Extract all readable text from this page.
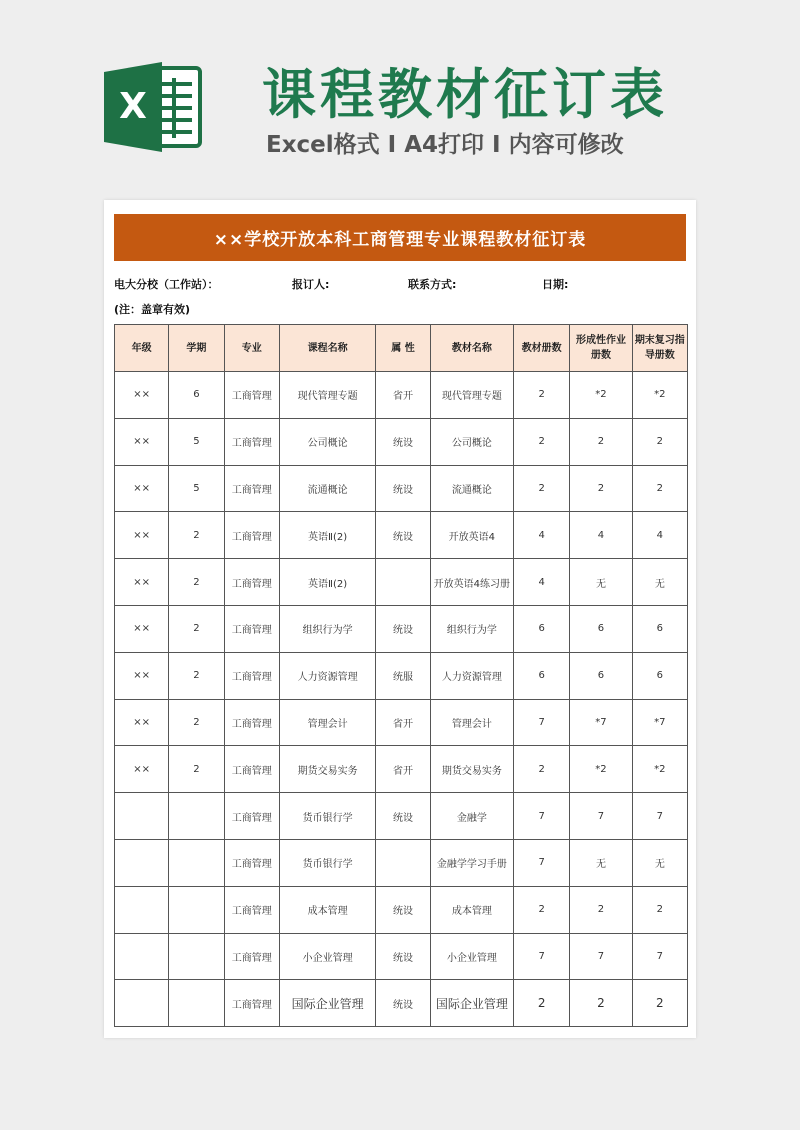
X 课程教材征订表
Excel格式 I A4打印 I 内容可修改
××学校开放本科工商管理专业课程教材征订表
电大分校（工作站）：	报订人:	联系方式:	日期:
(注：盖章有效)
年级	学期	专业	课程名称	属 性	教材名称	教材册数	形成性作业册数	期末复习指导册数
××	6	工商管理	现代管理专题	省开	现代管理专题	2	*2	*2
××	5	工商管理	公司概论	统设	公司概论	2	2	2
××	5	工商管理	流通概论	统设	流通概论	2	2	2
××	2	工商管理	英语Ⅱ(2)	统设	开放英语4	4	4	4
××	2	工商管理	英语Ⅱ(2)		开放英语4练习册	4	无	无
××	2	工商管理	组织行为学	统设	组织行为学	6	6	6
××	2	工商管理	人力资源管理	统服	人力资源管理	6	6	6
××	2	工商管理	管理会计	省开	管理会计	7	*7	*7
××	2	工商管理	期货交易实务	省开	期货交易实务	2	*2	*2
		工商管理	货币银行学	统设	金融学	7	7	7
		工商管理	货币银行学		金融学学习手册	7	无	无
		工商管理	成本管理	统设	成本管理	2	2	2
		工商管理	小企业管理	统设	小企业管理	7	7	7
		工商管理	国际企业管理	统设	国际企业管理	2	2	2
